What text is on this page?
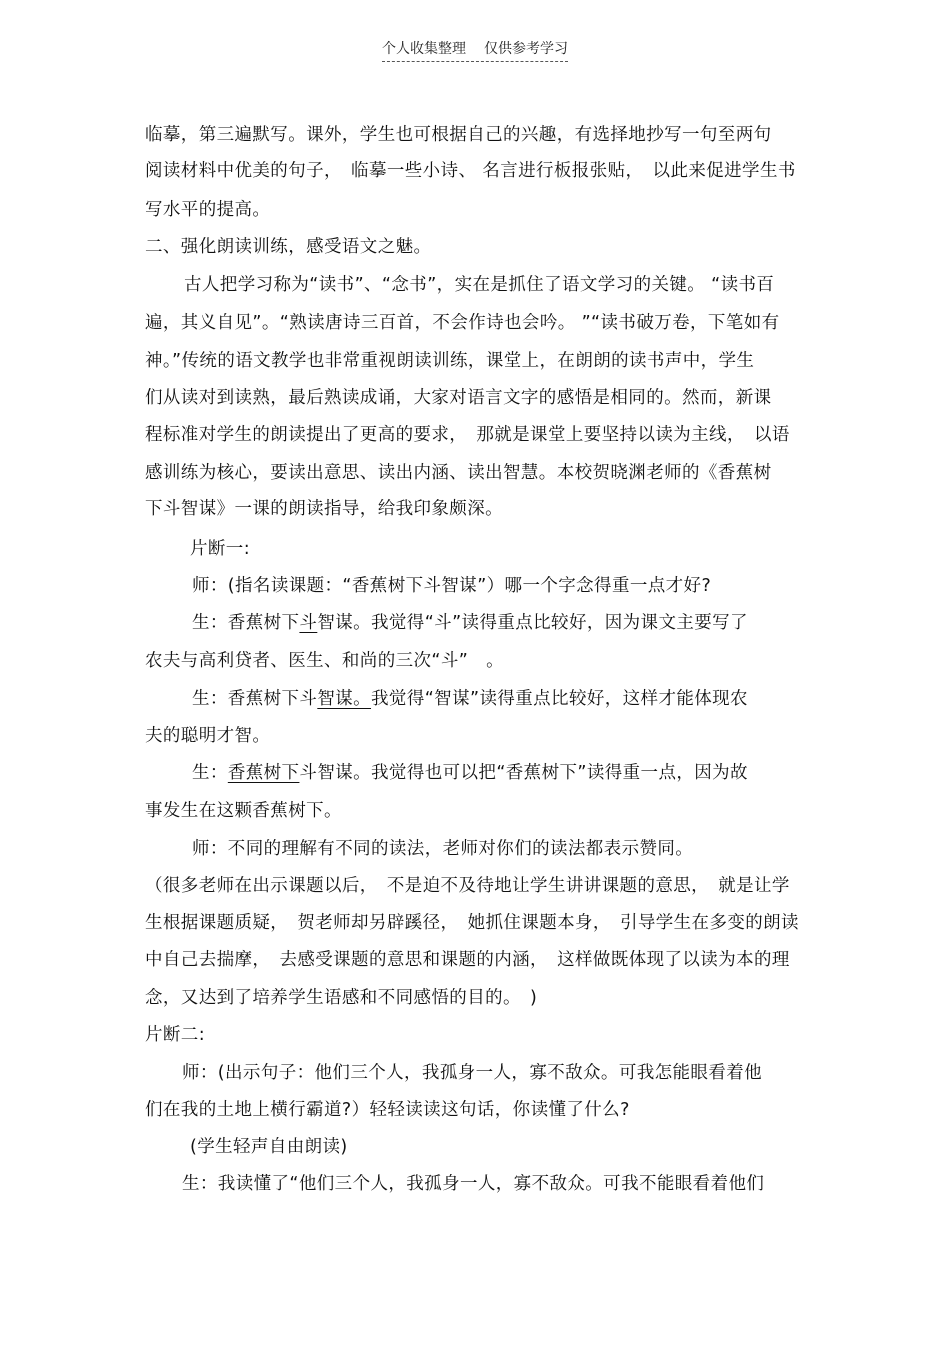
个人收集整理 仅供参考学习
临摹，第三遍默写。课外，学生也可根据自己的兴趣，有选择地抄写一句至两句
阅读材料中优美的句子，　临摹一些小诗、 名言进行板报张贴，　以此来促进学生书
写水平的提高。
二、强化朗读训练，感受语文之魅。
古人把学习称为“读书”、“念书”，实在是抓住了语文学习的关键。 “读书百
遍，其义自见”。“熟读唐诗三百首，不会作诗也会吟。 ”“读书破万卷，下笔如有
神。”传统的语文教学也非常重视朗读训练，课堂上，在朗朗的读书声中，学生
们从读对到读熟，最后熟读成诵，大家对语言文字的感悟是相同的。然而，新课
程标准对学生的朗读提出了更高的要求，　那就是课堂上要坚持以读为主线，　以语
感训练为核心，要读出意思、读出内涵、读出智慧。本校贺晓渊老师的《香蕉树
下斗智谋》一课的朗读指导，给我印象颇深。
片断一:
师：(指名读课题：“香蕉树下斗智谋”）哪一个字念得重一点才好?
生：香蕉树下斗智谋。我觉得“斗”读得重点比较好，因为课文主要写了
农夫与高利贷者、医生、和尚的三次“斗”　。
生：香蕉树下斗智谋。我觉得“智谋”读得重点比较好，这样才能体现农
夫的聪明才智。
生：香蕉树下斗智谋。我觉得也可以把“香蕉树下”读得重一点，因为故
事发生在这颗香蕉树下。
师：不同的理解有不同的读法，老师对你们的读法都表示赞同。
（很多老师在出示课题以后，　不是迫不及待地让学生讲讲课题的意思，　就是让学
生根据课题质疑，　贺老师却另辟蹊径，　她抓住课题本身，　引导学生在多变的朗读
中自己去揣摩，　去感受课题的意思和课题的内涵，　这样做既体现了以读为本的理
念，又达到了培养学生语感和不同感悟的目的。　)
片断二:
师：(出示句子：他们三个人，我孤身一人，寡不敌众。可我怎能眼看着他
们在我的土地上横行霸道?）轻轻读读这句话，你读懂了什么?
(学生轻声自由朗读)
生：我读懂了“他们三个人，我孤身一人，寡不敌众。可我不能眼看着他们
